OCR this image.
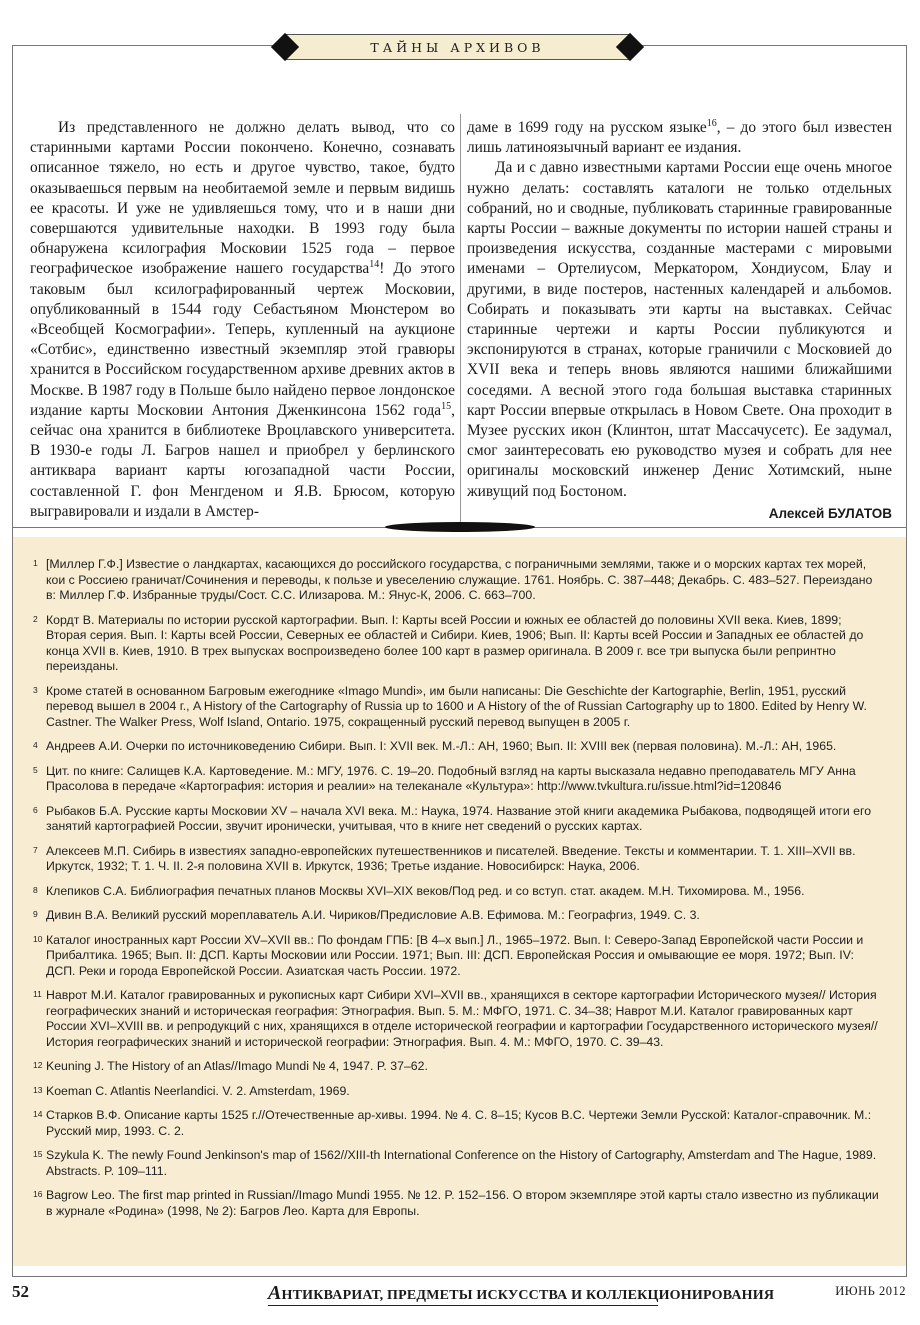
ТАЙНЫ АРХИВОВ

Из представленного не должно делать вывод, что со старинными картами России покончено. Конечно, сознавать описанное тяжело, но есть и другое чувство, такое, будто оказываешься первым на необитаемой земле и первым видишь ее красоты. И уже не удивляешься тому, что и в наши дни совершаются удивительные находки. В 1993 году была обнаружена ксилография Московии 1525 года – первое географическое изображение нашего государства$^{14}$! До этого таковым был ксилографированный чертеж Московии, опубликованный в 1544 году Себастьяном Мюнстером во «Всеобщей Космографии». Теперь, купленный на аукционе «Сотбис», единственно известный экземпляр этой гравюры хранится в Российском государственном архиве древних актов в Москве. В 1987 году в Польше было найдено первое лондонское издание карты Московии Антония Дженкинсона 1562 года$^{15}$, сейчас она хранится в библиотеке Вроцлавского университета. В 1930-е годы Л. Багров нашел и приобрел у берлинского антиквара вариант карты югозападной части России, составленной Г. фон Менгденом и Я.В. Брюсом, которую выгравировали и издали в Амстер-

даме в 1699 году на русском языке$^{16}$, – до этого был известен лишь латиноязычный вариант ее издания.

Да и с давно известными картами России еще очень многое нужно делать: составлять каталоги не только отдельных собраний, но и сводные, публиковать старинные гравированные карты России – важные документы по истории нашей страны и произведения искусства, созданные мастерами с мировыми именами – Ортелиусом, Меркатором, Хондиусом, Блау и другими, в виде постеров, настенных календарей и альбомов. Собирать и показывать эти карты на выставках. Сейчас старинные чертежи и карты России публикуются и экспонируются в странах, которые граничили с Московией до XVII века и теперь вновь являются нашими ближайшими соседями. А весной этого года большая выставка старинных карт России впервые открылась в Новом Свете. Она проходит в Музее русских икон (Клинтон, штат Массачусетс). Ее задумал, смог заинтересовать ею руководство музея и собрать для нее оригиналы московский инженер Денис Хотимский, ныне живущий под Бостоном.

Алексей БУЛАТОВ
1 [Миллер Г.Ф.] Известие о ландкартах, касающихся до российского государства, с пограничными землями, также и о морских картах тех морей, кои с Россиею граничат/Сочинения и переводы, к пользе и увеселению служащие. 1761. Ноябрь. С. 387–448; Декабрь. С. 483–527. Переиздано в: Миллер Г.Ф. Избранные труды/Сост. С.С. Илизарова. М.: Янус-К, 2006. С. 663–700.
2 Кордт В. Материалы по истории русской картографии. Вып. I: Карты всей России и южных ее областей до половины XVII века. Киев, 1899; Вторая серия. Вып. I: Карты всей России, Северных ее областей и Сибири. Киев, 1906; Вып. II: Карты всей России и Западных ее областей до конца XVII в. Киев, 1910. В трех выпусках воспроизведено более 100 карт в размер оригинала. В 2009 г. все три выпуска были репринтно переизданы.
3 Кроме статей в основанном Багровым ежегоднике «Imago Mundi», им были написаны: Die Geschichte der Kartographie, Berlin, 1951, русский перевод вышел в 2004 г., A History of the Cartography of Russia up to 1600 и A History of the of Russian Cartography up to 1800. Edited by Henry W. Castner. The Walker Press, Wolf Island, Ontario. 1975, сокращенный русский перевод выпущен в 2005 г.
4 Андреев А.И. Очерки по источниковедению Сибири. Вып. I: XVII век. М.-Л.: АН, 1960; Вып. II: XVIII век (первая половина). М.-Л.: АН, 1965.
5 Цит. по книге: Салищев К.А. Картоведение. М.: МГУ, 1976. С. 19–20. Подобный взгляд на карты высказала недавно преподаватель МГУ Анна Прасолова в передаче «Картография: история и реалии» на телеканале «Культура»: http://www.tvkultura.ru/issue.html?id=120846
6 Рыбаков Б.А. Русские карты Московии XV – начала XVI века. М.: Наука, 1974. Название этой книги академика Рыбакова, подводящей итоги его занятий картографией России, звучит иронически, учитывая, что в книге нет сведений о русских картах.
7 Алексеев М.П. Сибирь в известиях западно-европейских путешественников и писателей. Введение. Тексты и комментарии. Т. 1. XIII–XVII вв. Иркутск, 1932; Т. 1. Ч. II. 2-я половина XVII в. Иркутск, 1936; Третье издание. Новосибирск: Наука, 2006.
8 Клепиков С.А. Библиография печатных планов Москвы XVI–XIX веков/Под ред. и со вступ. стат. академ. М.Н. Тихомирова. М., 1956.
9 Дивин В.А. Великий русский мореплаватель А.И. Чириков/Предисловие А.В. Ефимова. М.: Географгиз, 1949. С. 3.
10 Каталог иностранных карт России XV–XVII вв.: По фондам ГПБ: [В 4–х вып.] Л., 1965–1972. Вып. I: Северо-Запад Европейской части России и Прибалтика. 1965; Вып. II: ДСП. Карты Московии или России. 1971; Вып. III: ДСП. Европейская Россия и омывающие ее моря. 1972; Вып. IV: ДСП. Реки и города Европейской России. Азиатская часть России. 1972.
11 Наврот М.И. Каталог гравированных и рукописных карт Сибири XVI–XVII вв., хранящихся в секторе картографии Исторического музея// История географических знаний и историческая география: Этнография. Вып. 5. М.: МФГО, 1971. С. 34–38; Наврот М.И. Каталог гравированных карт России XVI–XVIII вв. и репродукций с них, хранящихся в отделе исторической географии и картографии Государственного исторического музея//История географических знаний и исторической географии: Этнография. Вып. 4. М.: МФГО, 1970. С. 39–43.
12 Keuning J. The History of an Atlas//Imago Mundi № 4, 1947. P. 37–62.
13 Koeman C. Atlantis Neerlandici. V. 2. Amsterdam, 1969.
14 Старков В.Ф. Описание карты 1525 г.//Отечественные ар-хивы. 1994. № 4. С. 8–15; Кусов В.С. Чертежи Земли Русской: Каталог-справочник. М.: Русский мир, 1993. С. 2.
15 Szykula K. The newly Found Jenkinson's map of 1562//XIII-th International Conference on the History of Cartography, Amsterdam and The Hague, 1989. Abstracts. P. 109–111.
16 Bagrow Leo. The first map printed in Russian//Imago Mundi 1955. № 12. P. 152–156. О втором экземпляре этой карты стало известно из публикации в журнале «Родина» (1998, № 2): Багров Лео. Карта для Европы.
52	АНТИКВАРИАТ, ПРЕДМЕТЫ ИСКУССТВА И КОЛЛЕКЦИОНИРОВАНИЯ	ИЮНЬ 2012
